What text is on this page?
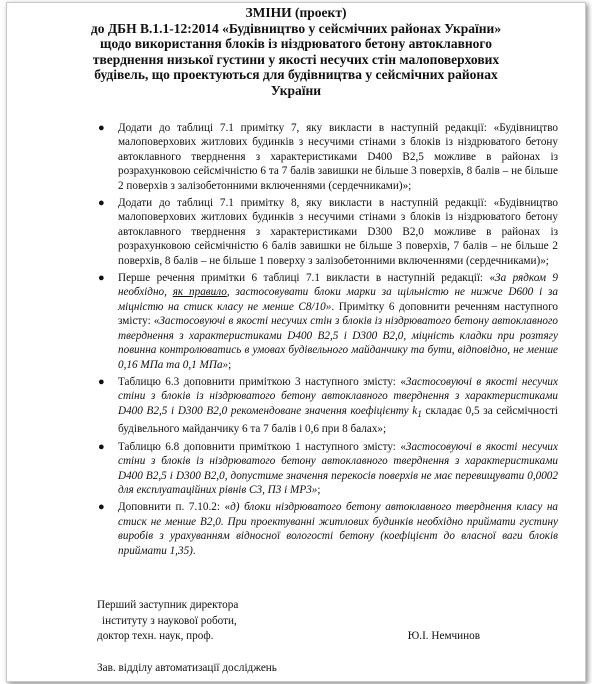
ЗМІНИ (проект)
до ДБН В.1.1-12:2014 «Будівництво у сейсмічних районах України»
щодо використання блоків із ніздрюватого бетону автоклавного
тверднення низької густини у якості несучих стін малоповерхових
будівель, що проектуються для будівництва у сейсмічних районах
України
● Додати до таблиці 7.1 примітку 7, яку викласти в наступній редакції: «Будівництво малоповерхових житлових будинків з несучими стінами з блоків із ніздрюватого бетону автоклавного тверднення з характеристиками D400 B2,5 можливе в районах із розрахунковою сейсмічністю 6 та 7 балів завишки не більше 3 поверхів, 8 балів – не більше 2 поверхів з залізобетонними включеннями (сердечниками)»;
● Додати до таблиці 7.1 примітку 8, яку викласти в наступній редакції: «Будівництво малоповерхових житлових будинків з несучими стінами з блоків із ніздрюватого бетону автоклавного тверднення з характеристиками D300 B2,0 можливе в районах із розрахунковою сейсмічністю 6 балів завишки не більше 3 поверхів, 7 балів – не більше 2 поверхів, 8 балів – не більше 1 поверху з залізобетонними включеннями (сердечниками)»;
● Перше речення примітки 6 таблиці 7.1 викласти в наступній редакції: «За рядком 9 необхідно, як правило, застосовувати блоки марки за щільністю не нижче D600 і за міцністю на стиск класу не менше С8/10». Примітку 6 доповнити реченням наступного змісту: «Застосовуючі в якості несучих стін з блоків із ніздрюватого бетону автоклавного тверднення з характеристиками D400 B2,5 і D300 B2,0, міцність кладки при розтягу повинна контролюватись в умовах будівельного майданчику та бути, відповідно, не менше 0,16 МПа та 0,1 МПа»;
● Таблицю 6.3 доповнити приміткою 3 наступного змісту: «Застосовуючі в якості несучих стіни з блоків із ніздрюватого бетону автоклавного тверднення з характеристиками D400 B2,5 і D300 B2,0 рекомендоване значення коефіцієнту $k_1$ складає 0,5 за сейсмічності будівельного майданчику 6 та 7 балів і 0,6 при 8 балах»;
● Таблицю 6.8 доповнити приміткою 1 наступного змісту: «Застосовуючі в якості несучих стіни з блоків із ніздрюватого бетону автоклавного тверднення з характеристиками D400 B2,5 і D300 B2,0, допустиме значення перекосів поверхів не має перевищувати 0,0002 для експлуатаційних рівнів С3, П3 і МР3»;
● Доповнити п. 7.10.2: «д) блоки ніздрюватого бетону автоклавного тверднення класу на стиск не менше В2,0. При проектуванні житлових будинків необхідно приймати густину виробів з урахуванням відносної вологості бетону (коефіцієнт до власної ваги блоків приймати 1,35).
Перший заступник директора
інституту з наукової роботи,
доктор техн. наук, проф.	Ю.І. Немчинов
Зав. відділу автоматизації досліджень
